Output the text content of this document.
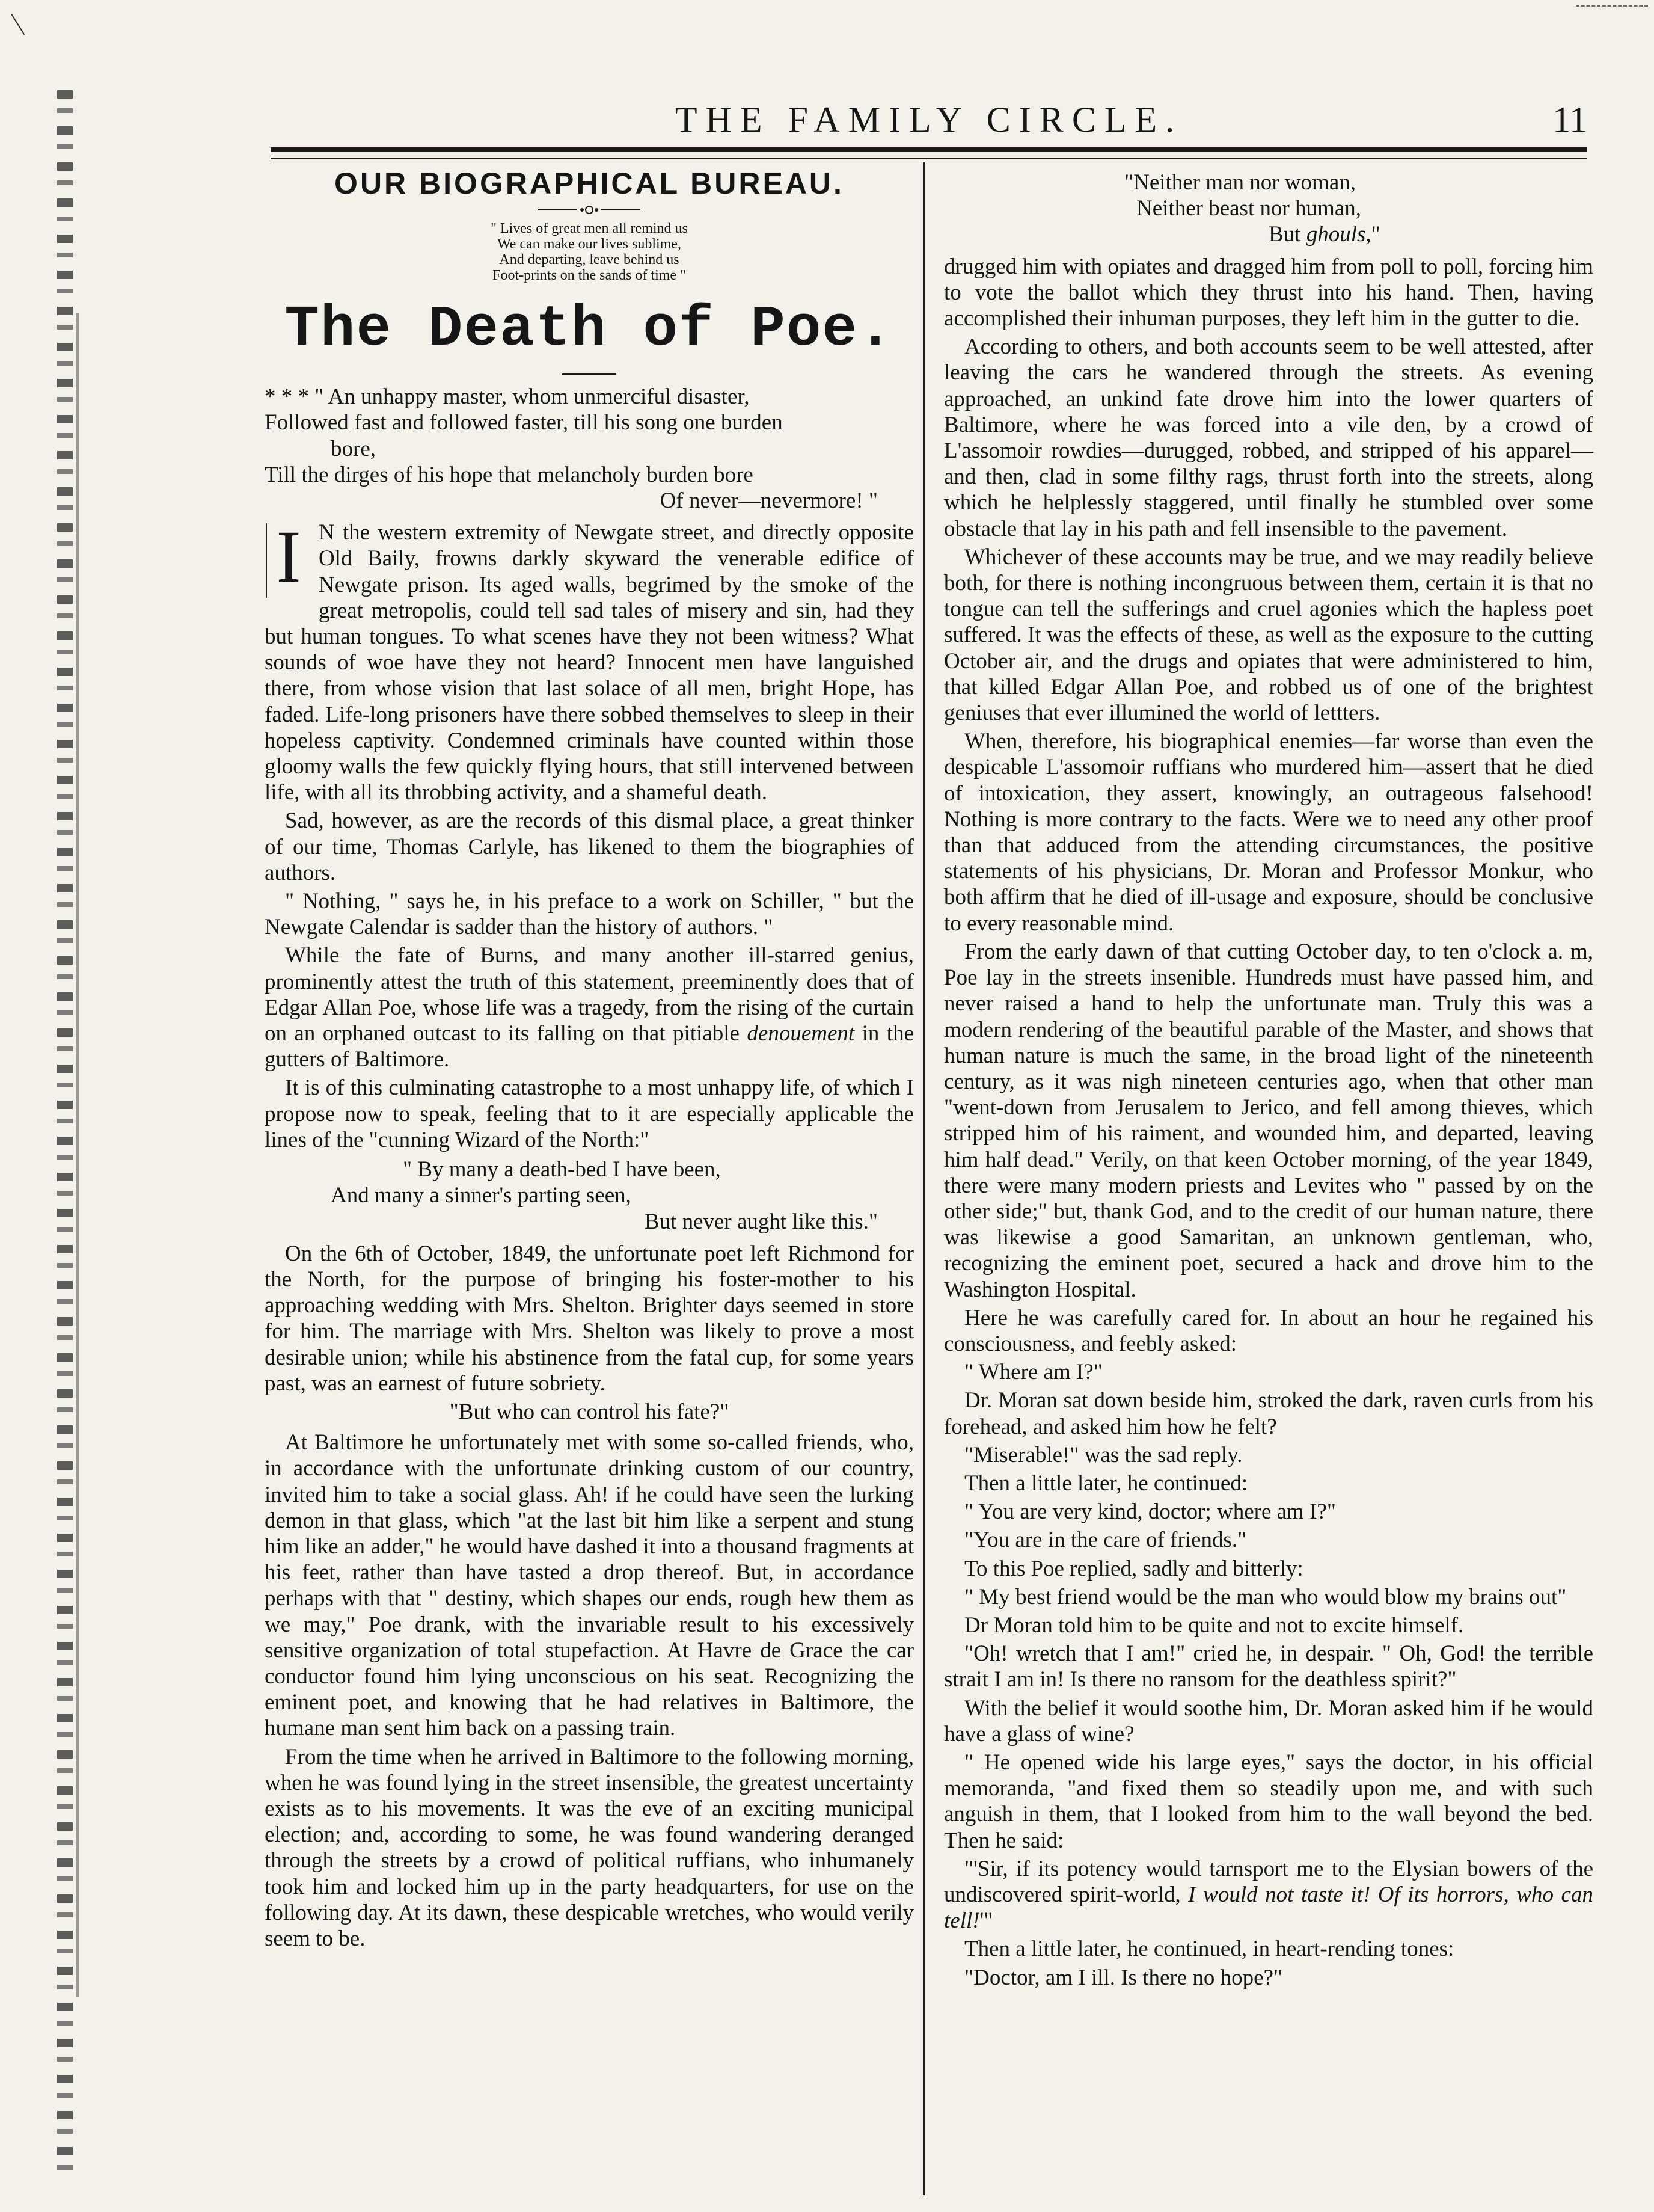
THE FAMILY CIRCLE.	11
OUR BIOGRAPHICAL BUREAU.
" Lives of great men all remind us
We can make our lives sublime,
And departing, leave behind us
Foot-prints on the sands of time "
The Death of Poe.
* * * " An unhappy master, whom unmerciful disaster,
Followed fast and followed faster, till his song one burden
bore,
Till the dirges of his hope that melancholy burden bore
Of never—nevermore! "

I N the western extremity of Newgate street, and directly opposite Old Baily, frowns darkly skyward the venerable edifice of Newgate prison. Its aged walls, begrimed by the smoke of the great metropolis, could tell sad tales of misery and sin, had they but human tongues. To what scenes have they not been witness? What sounds of woe have they not heard? Innocent men have languished there, from whose vision that last solace of all men, bright Hope, has faded. Life-long prisoners have there sobbed themselves to sleep in their hopeless captivity. Condemned criminals have counted within those gloomy walls the few quickly flying hours, that still intervened between life, with all its throbbing activity, and a shameful death.

Sad, however, as are the records of this dismal place, a great thinker of our time, Thomas Carlyle, has likened to them the biographies of authors.

" Nothing, " says he, in his preface to a work on Schiller, " but the Newgate Calendar is sadder than the history of authors. "

While the fate of Burns, and many another ill-starred genius, prominently attest the truth of this statement, preeminently does that of Edgar Allan Poe, whose life was a tragedy, from the rising of the curtain on an orphaned outcast to its falling on that pitiable denouement in the gutters of Baltimore.

It is of this culminating catastrophe to a most unhappy life, of which I propose now to speak, feeling that to it are especially applicable the lines of the "cunning Wizard of the North:"

" By many a death-bed I have been,
And many a sinner's parting seen,
But never aught like this."

On the 6th of October, 1849, the unfortunate poet left Richmond for the North, for the purpose of bringing his foster-mother to his approaching wedding with Mrs. Shelton. Brighter days seemed in store for him. The marriage with Mrs. Shelton was likely to prove a most desirable union; while his abstinence from the fatal cup, for some years past, was an earnest of future sobriety.

"But who can control his fate?"

At Baltimore he unfortunately met with some so-called friends, who, in accordance with the unfortunate drinking custom of our country, invited him to take a social glass. Ah! if he could have seen the lurking demon in that glass, which "at the last bit him like a serpent and stung him like an adder," he would have dashed it into a thousand fragments at his feet, rather than have tasted a drop thereof. But, in accordance perhaps with that " destiny, which shapes our ends, rough hew them as we may," Poe drank, with the invariable result to his excessively sensitive organization of total stupefaction. At Havre de Grace the car conductor found him lying unconscious on his seat. Recognizing the eminent poet, and knowing that he had relatives in Baltimore, the humane man sent him back on a passing train.

From the time when he arrived in Baltimore to the following morning, when he was found lying in the street insensible, the greatest uncertainty exists as to his movements. It was the eve of an exciting municipal election; and, according to some, he was found wandering deranged through the streets by a crowd of political ruffians, who inhumanely took him and locked him up in the party headquarters, for use on the following day. At its dawn, these despicable wretches, who would verily seem to be.

"Neither man nor woman,
Neither beast nor human,
But ghouls,"

drugged him with opiates and dragged him from poll to poll, forcing him to vote the ballot which they thrust into his hand. Then, having accomplished their inhuman purposes, they left him in the gutter to die.

According to others, and both accounts seem to be well attested, after leaving the cars he wandered through the streets. As evening approached, an unkind fate drove him into the lower quarters of Baltimore, where he was forced into a vile den, by a crowd of L'assomoir rowdies—durugged, robbed, and stripped of his apparel—and then, clad in some filthy rags, thrust forth into the streets, along which he helplessly staggered, until finally he stumbled over some obstacle that lay in his path and fell insensible to the pavement.

Whichever of these accounts may be true, and we may readily believe both, for there is nothing incongruous between them, certain it is that no tongue can tell the sufferings and cruel agonies which the hapless poet suffered. It was the effects of these, as well as the exposure to the cutting October air, and the drugs and opiates that were administered to him, that killed Edgar Allan Poe, and robbed us of one of the brightest geniuses that ever illumined the world of lettters.

When, therefore, his biographical enemies—far worse than even the despicable L'assomoir ruffians who murdered him—assert that he died of intoxication, they assert, knowingly, an outrageous falsehood! Nothing is more contrary to the facts. Were we to need any other proof than that adduced from the attending circumstances, the positive statements of his physicians, Dr. Moran and Professor Monkur, who both affirm that he died of ill-usage and exposure, should be conclusive to every reasonable mind.

From the early dawn of that cutting October day, to ten o'clock a. m, Poe lay in the streets insenible. Hundreds must have passed him, and never raised a hand to help the unfortunate man. Truly this was a modern rendering of the beautiful parable of the Master, and shows that human nature is much the same, in the broad light of the nineteenth century, as it was nigh nineteen centuries ago, when that other man "went-down from Jerusalem to Jerico, and fell among thieves, which stripped him of his raiment, and wounded him, and departed, leaving him half dead." Verily, on that keen October morning, of the year 1849, there were many modern priests and Levites who " passed by on the other side;" but, thank God, and to the credit of our human nature, there was likewise a good Samaritan, an unknown gentleman, who, recognizing the eminent poet, secured a hack and drove him to the Washington Hospital.

Here he was carefully cared for. In about an hour he regained his consciousness, and feebly asked:

" Where am I?"

Dr. Moran sat down beside him, stroked the dark, raven curls from his forehead, and asked him how he felt?

"Miserable!" was the sad reply.

Then a little later, he continued:

" You are very kind, doctor; where am I?"

"You are in the care of friends."

To this Poe replied, sadly and bitterly:

" My best friend would be the man who would blow my brains out"

Dr Moran told him to be quite and not to excite himself.

"Oh! wretch that I am!" cried he, in despair. " Oh, God! the terrible strait I am in! Is there no ransom for the deathless spirit?"

With the belief it would soothe him, Dr. Moran asked him if he would have a glass of wine?

" He opened wide his large eyes," says the doctor, in his official memoranda, "and fixed them so steadily upon me, and with such anguish in them, that I looked from him to the wall beyond the bed. Then he said:

"'Sir, if its potency would tarnsport me to the Elysian bowers of the undiscovered spirit-world, I would not taste it! Of its horrors, who can tell!'"

Then a little later, he continued, in heart-rending tones:

"Doctor, am I ill. Is there no hope?"
